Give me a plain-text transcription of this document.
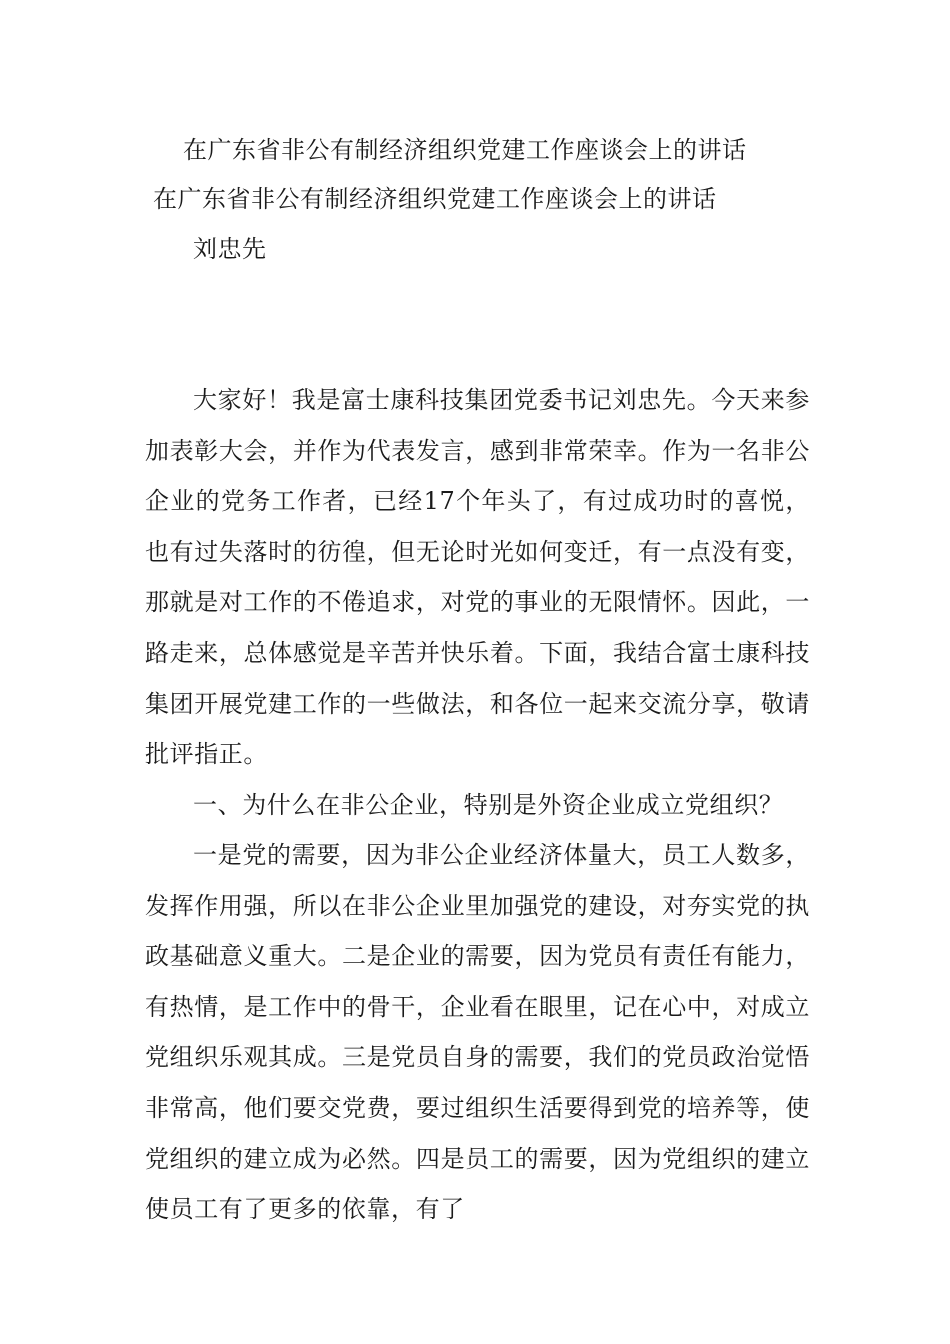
在广东省非公有制经济组织党建工作座谈会上的讲话
在广东省非公有制经济组织党建工作座谈会上的讲话
刘忠先

大家好！我是富士康科技集团党委书记刘忠先。今天来参加表彰大会，并作为代表发言，感到非常荣幸。作为一名非公企业的党务工作者，已经17个年头了，有过成功时的喜悦，也有过失落时的彷徨，但无论时光如何变迁，有一点没有变，那就是对工作的不倦追求，对党的事业的无限情怀。因此，一路走来，总体感觉是辛苦并快乐着。下面，我结合富士康科技集团开展党建工作的一些做法，和各位一起来交流分享，敬请批评指正。

一、为什么在非公企业，特别是外资企业成立党组织？

一是党的需要，因为非公企业经济体量大，员工人数多，发挥作用强，所以在非公企业里加强党的建设，对夯实党的执政基础意义重大。二是企业的需要，因为党员有责任有能力，有热情，是工作中的骨干，企业看在眼里，记在心中，对成立党组织乐观其成。三是党员自身的需要，我们的党员政治觉悟非常高，他们要交党费，要过组织生活要得到党的培养等，使党组织的建立成为必然。四是员工的需要，因为党组织的建立使员工有了更多的依靠，有了
